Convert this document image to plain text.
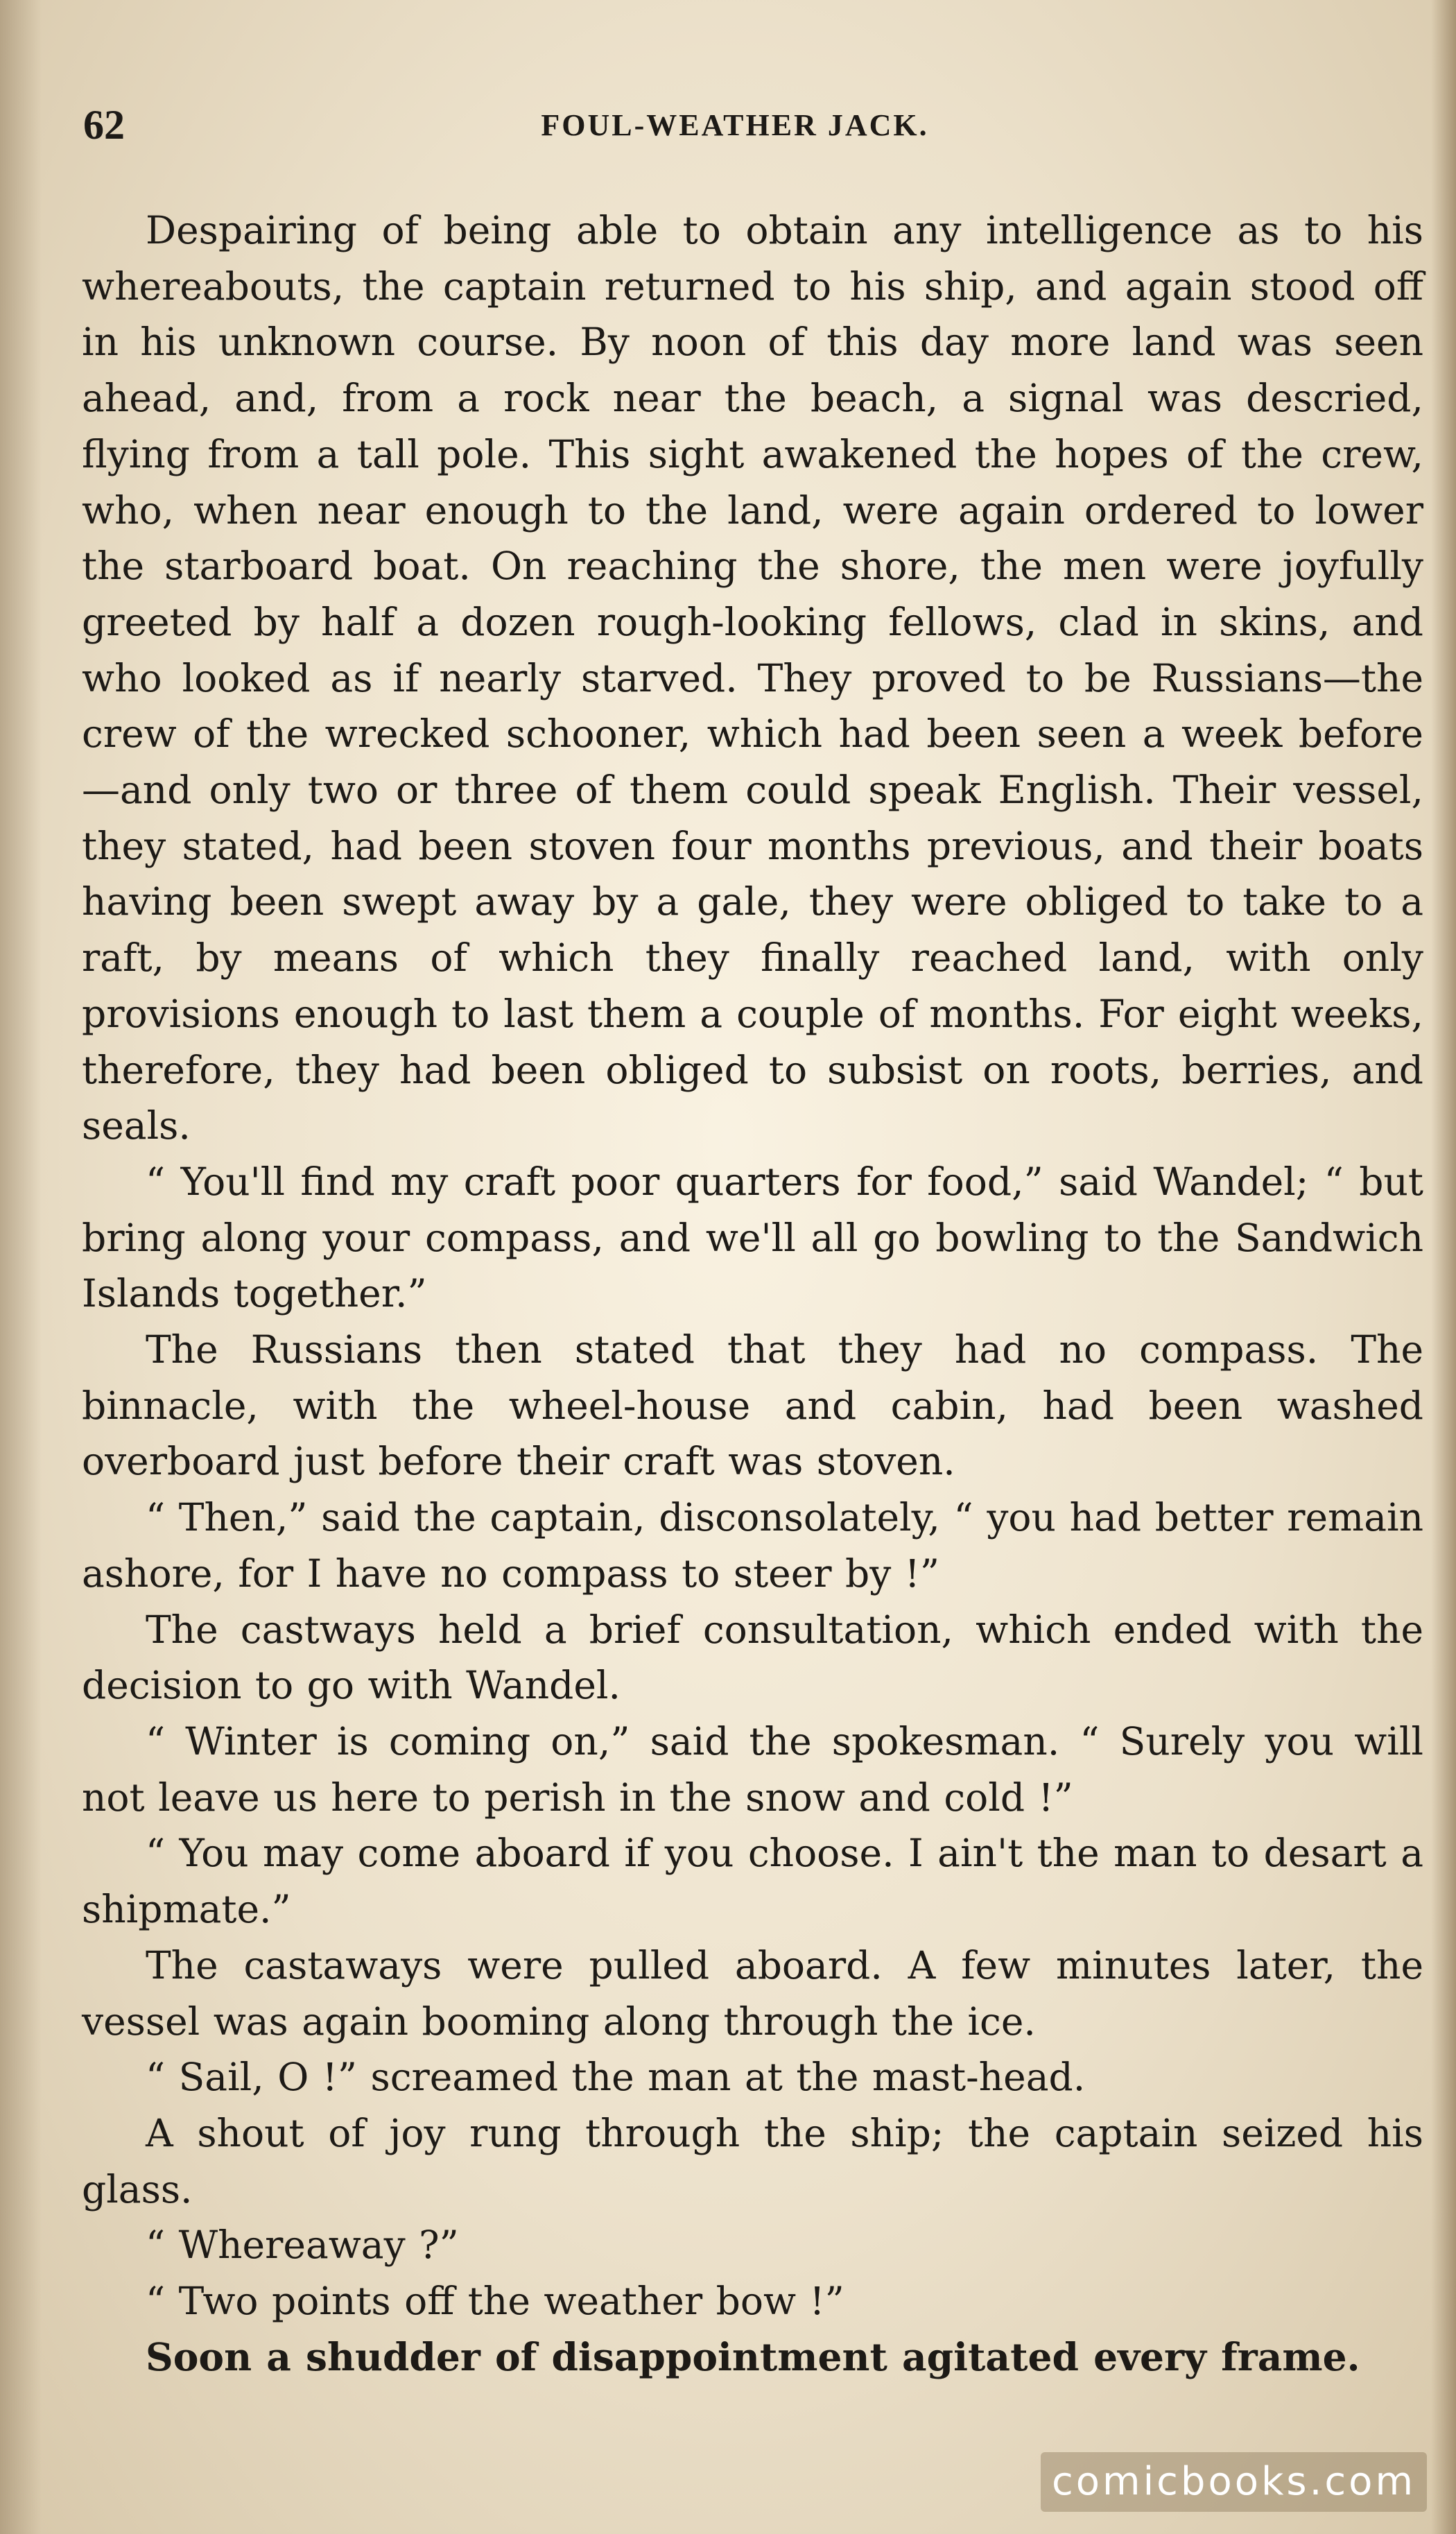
62	FOUL-WEATHER JACK.

Despairing of being able to obtain any intelligence as to his whereabouts, the captain returned to his ship, and again stood off in his unknown course. By noon of this day more land was seen ahead, and, from a rock near the beach, a signal was descried, flying from a tall pole. This sight awakened the hopes of the crew, who, when near enough to the land, were again ordered to lower the starboard boat. On reaching the shore, the men were joyfully greeted by half a dozen rough-looking fellows, clad in skins, and who looked as if nearly starved. They proved to be Russians—the crew of the wrecked schooner, which had been seen a week before—and only two or three of them could speak English. Their vessel, they stated, had been stoven four months previous, and their boats having been swept away by a gale, they were obliged to take to a raft, by means of which they finally reached land, with only provisions enough to last them a couple of months. For eight weeks, therefore, they had been obliged to subsist on roots, berries, and seals.

“ You'll find my craft poor quarters for food,” said Wandel; “ but bring along your compass, and we'll all go bowling to the Sandwich Islands together.”

The Russians then stated that they had no compass. The binnacle, with the wheel-house and cabin, had been washed overboard just before their craft was stoven.

“ Then,” said the captain, disconsolately, “ you had better remain ashore, for I have no compass to steer by !”

The castways held a brief consultation, which ended with the decision to go with Wandel.

“ Winter is coming on,” said the spokesman. “ Surely you will not leave us here to perish in the snow and cold !”

“ You may come aboard if you choose. I ain't the man to desart a shipmate.”

The castaways were pulled aboard. A few minutes later, the vessel was again booming along through the ice.

“ Sail, O !” screamed the man at the mast-head.

A shout of joy rung through the ship; the captain seized his glass.

“ Whereaway ?”

“ Two points off the weather bow !”

Soon a shudder of disappointment agitated every frame.

comicbooks.com
